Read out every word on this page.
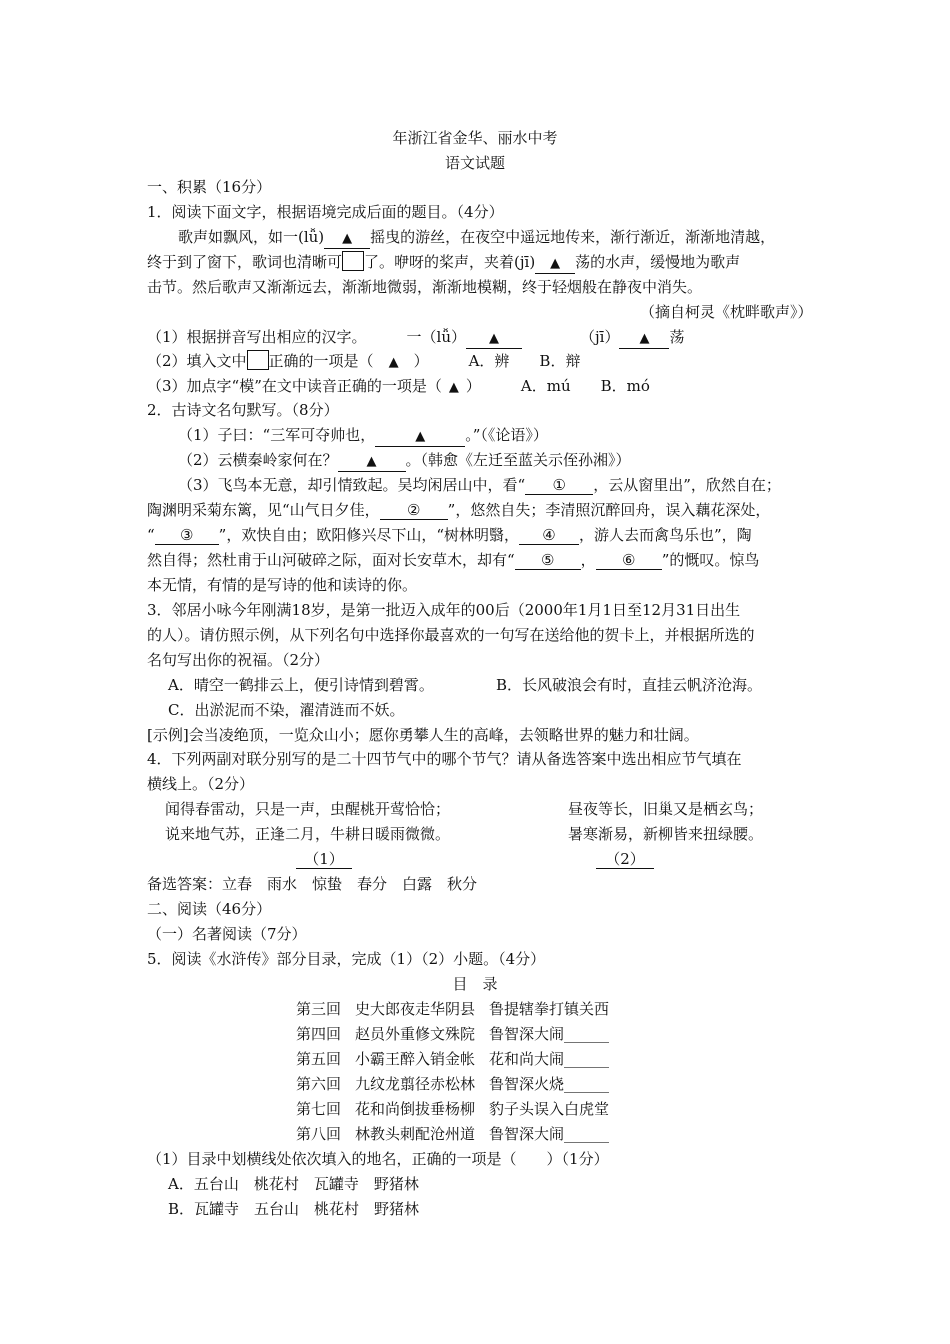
年浙江省金华、丽水中考
语文试题
一、积累（16分）
1．阅读下面文字，根据语境完成后面的题目。（4分）
歌声如飘风，如一(lǚ) ▲ 摇曳的游丝，在夜空中遥远地传来，渐行渐近，渐渐地清越，
终于到了窗下，歌词也清晰可 了。咿呀的桨声，夹着(jī) ▲ 荡的水声，缓慢地为歌声
击节。然后歌声又渐渐远去，渐渐地微弱，渐渐地模糊，终于轻烟般在静夜中消失。
（摘自柯灵《枕畔歌声》）
（1）根据拼音写出相应的汉字。	一（lǚ） ▲	（jī） ▲ 荡
（2）填入文中 正确的一项是（ ▲ ）	A．辨 B．辩
（3）加点字“模”在文中读音正确的一项是（ ▲ ）	A．mú B．mó
2．古诗文名句默写。（8分）
（1）子曰：“三军可夺帅也，	▲	。”（《论语》）
（2）云横秦岭家何在？ ▲ 。（韩愈《左迁至蓝关示侄孙湘》）
（3）飞鸟本无意，却引情致起。吴均闲居山中，看“ ① ，云从窗里出”，欣然自在；
陶渊明采菊东篱，见“山气日夕佳， ② ”，悠然自失；李清照沉醉回舟，误入藕花深处，
“ ③ ”，欢快自由；欧阳修兴尽下山，“树林明翳， ④ ，游人去而禽鸟乐也”，陶
然自得；然杜甫于山河破碎之际，面对长安草木，却有“ ⑤ ， ⑥ ”的慨叹。惊鸟
本无情，有情的是写诗的他和读诗的你。
3．邻居小咏今年刚满18岁，是第一批迈入成年的00后（2000年1月1日至12月31日出生
的人）。请仿照示例，从下列名句中选择你最喜欢的一句写在送给他的贺卡上，并根据所选的
名句写出你的祝福。（2分）
A．晴空一鹤排云上，便引诗情到碧霄。	B．长风破浪会有时，直挂云帆济沧海。
C．出淤泥而不染，濯清涟而不妖。
[示例]会当凌绝顶，一览众山小；愿你勇攀人生的高峰，去领略世界的魅力和壮阔。
4．下列两副对联分别写的是二十四节气中的哪个节气？请从备选答案中选出相应节气填在
横线上。（2分）
闻得春雷动，只是一声，虫醒桃开莺恰恰；	昼夜等长，旧巢又是栖玄鸟；
说来地气苏，正逢二月，牛耕日暖雨微微。	暑寒渐易，新柳皆来扭绿腰。
（1）	（2）
备选答案：立春　雨水　惊蛰　春分　白露　秋分
二、阅读（46分）
（一）名著阅读（7分）
5．阅读《水浒传》部分目录，完成（1）（2）小题。（4分）
目　录
第三回 史大郎夜走华阴县 鲁提辖拳打镇关西
第四回 赵员外重修文殊院 鲁智深大闹______
第五回 小霸王醉入销金帐 花和尚大闹______
第六回 九纹龙翦径赤松林 鲁智深火烧______
第七回 花和尚倒拔垂杨柳 豹子头误入白虎堂
第八回 林教头刺配沧州道 鲁智深大闹______
（1）目录中划横线处依次填入的地名，正确的一项是（　　）（1分）
A．五台山　桃花村　瓦罐寺　野猪林
B．瓦罐寺　五台山　桃花村　野猪林
